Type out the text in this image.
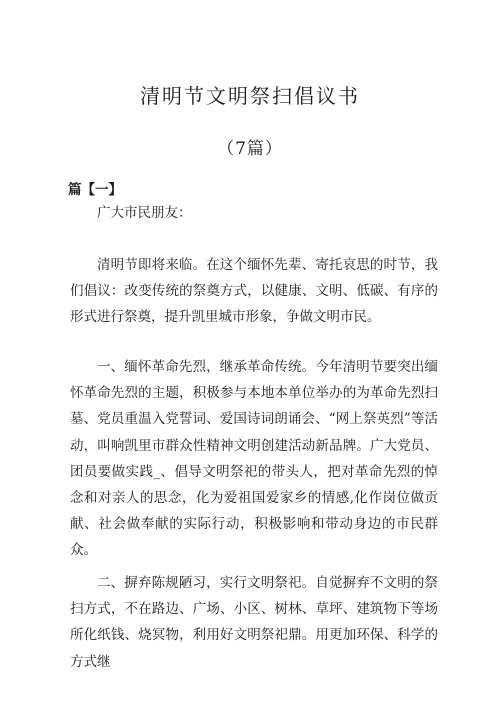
清明节文明祭扫倡议书
（7篇）
篇【一】

广大市民朋友：

清明节即将来临。在这个缅怀先辈、寄托哀思的时节，我们倡议：改变传统的祭奠方式，以健康、文明、低碳、有序的形式进行祭奠，提升凯里城市形象，争做文明市民。

一、缅怀革命先烈，继承革命传统。今年清明节要突出缅怀革命先烈的主题，积极参与本地本单位举办的为革命先烈扫墓、党员重温入党誓词、爱国诗词朗诵会、“网上祭英烈”等活动，叫响凯里市群众性精神文明创建活动新品牌。广大党员、团员要做实践_、倡导文明祭祀的带头人，把对革命先烈的悼念和对亲人的思念，化为爱祖国爱家乡的情感,化作岗位做贡献、社会做奉献的实际行动，积极影响和带动身边的市民群众。

二、摒弃陈规陋习，实行文明祭祀。自觉摒弃不文明的祭扫方式，不在路边、广场、小区、树林、草坪、建筑物下等场所化纸钱、烧冥物，利用好文明祭祀鼎。用更加环保、科学的方式继
